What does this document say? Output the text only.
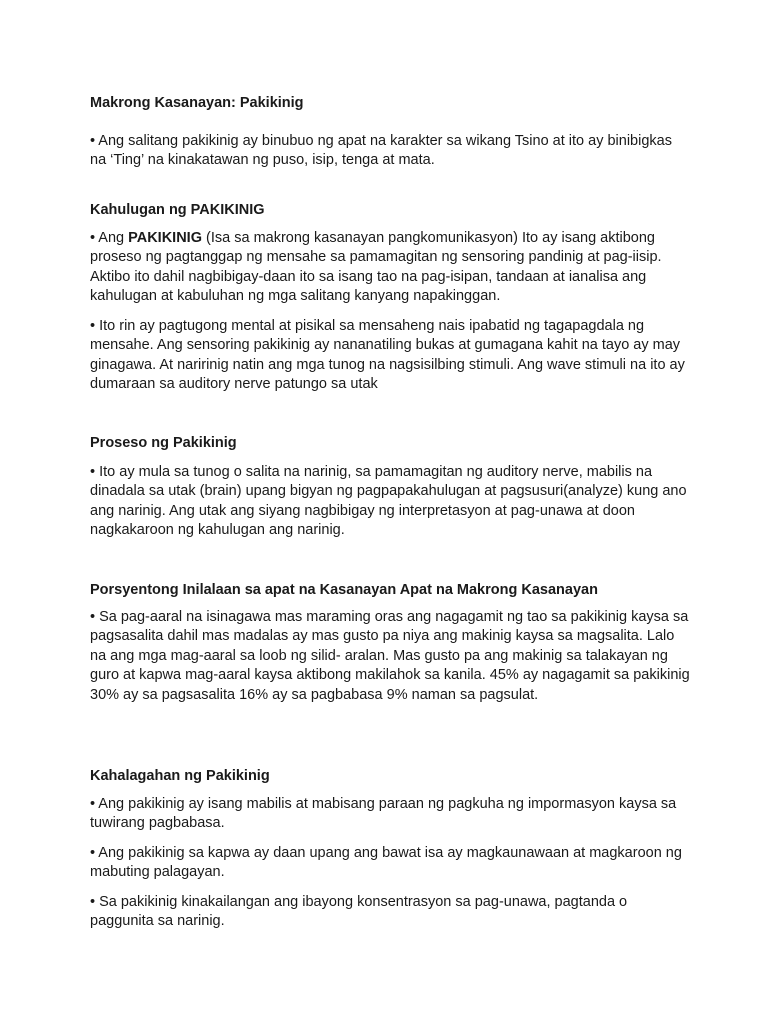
Makrong Kasanayan: Pakikinig

• Ang salitang pakikinig ay binubuo ng apat na karakter sa wikang Tsino at ito ay binibigkas na ‘Ting’ na kinakatawan ng puso, isip, tenga at mata.

Kahulugan ng PAKIKINIG

• Ang PAKIKINIG (Isa sa makrong kasanayan pangkomunikasyon) Ito ay isang aktibong proseso ng pagtanggap ng mensahe sa pamamagitan ng sensoring pandinig at pag-iisip. Aktibo ito dahil nagbibigay-daan ito sa isang tao na pag-isipan, tandaan at ianalisa ang kahulugan at kabuluhan ng mga salitang kanyang napakinggan.

• Ito rin ay pagtugong mental at pisikal sa mensaheng nais ipabatid ng tagapagdala ng mensahe. Ang sensoring pakikinig ay nananatiling bukas at gumagana kahit na tayo ay may ginagawa. At naririnig natin ang mga tunog na nagsisilbing stimuli. Ang wave stimuli na ito ay dumaraan sa auditory nerve patungo sa utak

Proseso ng Pakikinig

• Ito ay mula sa tunog o salita na narinig, sa pamamagitan ng auditory nerve, mabilis na dinadala sa utak (brain) upang bigyan ng pagpapakahulugan at pagsusuri(analyze) kung ano ang narinig. Ang utak ang siyang nagbibigay ng interpretasyon at pag-unawa at doon nagkakaroon ng kahulugan ang narinig.

Porsyentong Inilalaan sa apat na Kasanayan Apat na Makrong Kasanayan

• Sa pag-aaral na isinagawa mas maraming oras ang nagagamit ng tao sa pakikinig kaysa sa pagsasalita dahil mas madalas ay mas gusto pa niya ang makinig kaysa sa magsalita. Lalo na ang mga mag-aaral sa loob ng silid- aralan. Mas gusto pa ang makinig sa talakayan ng guro at kapwa mag-aaral kaysa aktibong makilahok sa kanila. 45% ay nagagamit sa pakikinig 30% ay sa pagsasalita 16% ay sa pagbabasa 9% naman sa pagsulat.

Kahalagahan ng Pakikinig

• Ang pakikinig ay isang mabilis at mabisang paraan ng pagkuha ng impormasyon kaysa sa tuwirang pagbabasa.

• Ang pakikinig sa kapwa ay daan upang ang bawat isa ay magkaunawaan at magkaroon ng mabuting palagayan.

• Sa pakikinig kinakailangan ang ibayong konsentrasyon sa pag-unawa, pagtanda o paggunita sa narinig.
